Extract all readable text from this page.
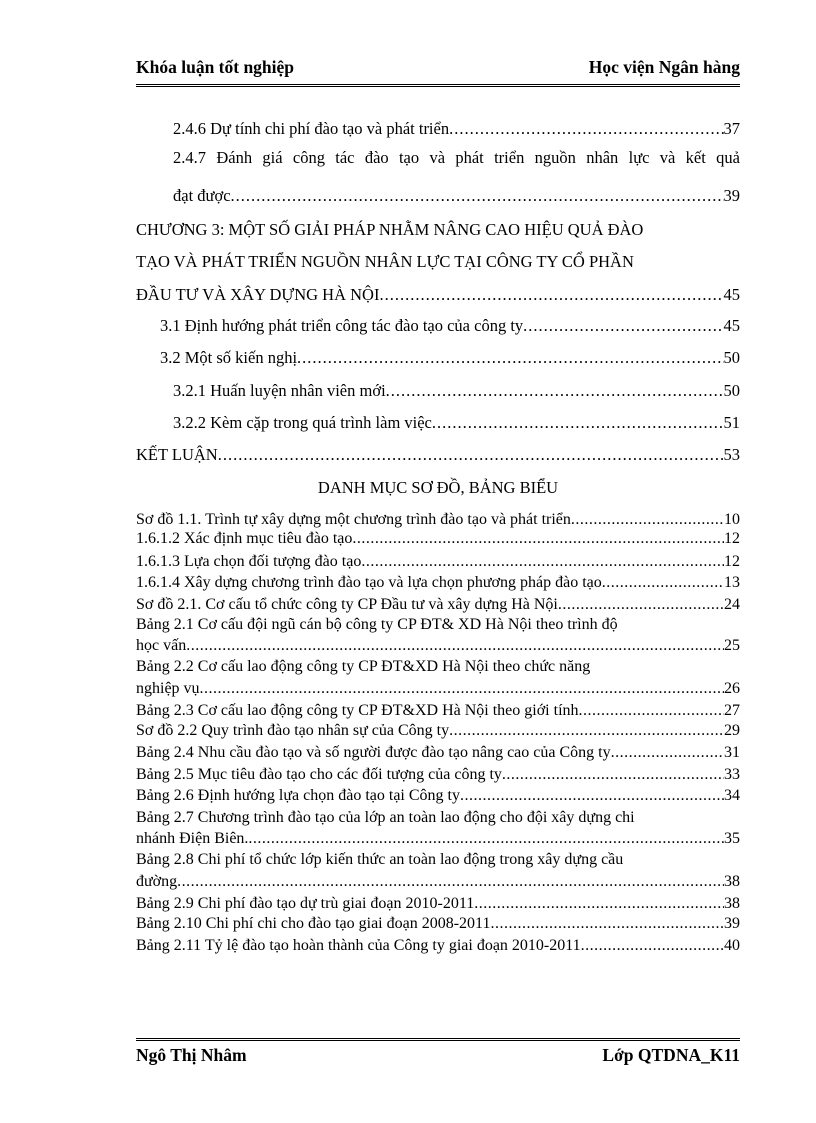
Khóa luận tốt nghiệp	Học viện Ngân hàng
2.4.6 Dự tính chi phí đào tạo và phát triển .....	37
2.4.7 Đánh giá công tác đào tạo và phát triển nguồn nhân lực và kết quả
đạt được .....	39
CHƯƠNG 3: MỘT SỐ GIẢI PHÁP NHẰM NÂNG CAO HIỆU QUẢ ĐÀO
TẠO VÀ PHÁT TRIỂN NGUỒN NHÂN LỰC TẠI CÔNG TY CỔ PHẦN
ĐẦU TƯ VÀ XÂY DỰNG HÀ NỘI .....	45
3.1 Định hướng phát triển công tác đào tạo của công ty .....	45
3.2 Một số kiến nghị .....	50
3.2.1 Huấn luyện nhân viên mới .....	50
3.2.2 Kèm cặp trong quá trình làm việc .....	51
KẾT LUẬN .....	53
DANH MỤC SƠ ĐỒ, BẢNG BIỂU
Sơ đồ 1.1. Trình tự xây dựng một chương trình đào tạo và phát triển .....	10
1.6.1.2 Xác định mục tiêu đào tạo .....	12
1.6.1.3 Lựa chọn đối tượng đào tạo .....	12
1.6.1.4 Xây dựng chương trình đào tạo và lựa chọn phương pháp đào tạo .....	13
Sơ đồ 2.1. Cơ cấu tổ chức công ty CP Đầu tư và xây dựng Hà Nội .....	24
Bảng 2.1 Cơ cấu đội ngũ cán bộ công ty CP ĐT& XD Hà Nội theo trình độ
học vấn .....	25
Bảng 2.2 Cơ cấu lao động công ty CP ĐT&XD Hà Nội theo chức năng
nghiệp vụ .....	26
Bảng 2.3 Cơ cấu lao động công ty CP ĐT&XD Hà Nội theo giới tính .....	27
Sơ đồ 2.2 Quy trình đào tạo nhân sự của Công ty .....	29
Bảng 2.4 Nhu cầu đào tạo và số người được đào tạo nâng cao của Công ty .....	31
Bảng 2.5 Mục tiêu đào tạo cho các đối tượng của công ty .....	33
Bảng 2.6 Định hướng lựa chọn đào tạo tại Công ty .....	34
Bảng 2.7 Chương trình đào tạo của lớp an toàn lao động cho đội xây dựng chi
nhánh Điện Biên. .....	35
Bảng 2.8 Chi phí tổ chức lớp kiến thức an toàn lao động trong xây dựng cầu
đường .....	38
Bảng 2.9 Chi phí đào tạo dự trù giai đoạn 2010-2011 .....	38
Bảng 2.10 Chi phí chi cho đào tạo giai đoạn 2008-2011 .....	39
Bảng 2.11 Tỷ lệ đào tạo hoàn thành của Công ty giai đoạn 2010-2011 .....	40
Ngô Thị Nhâm	Lớp QTDNA_K11
